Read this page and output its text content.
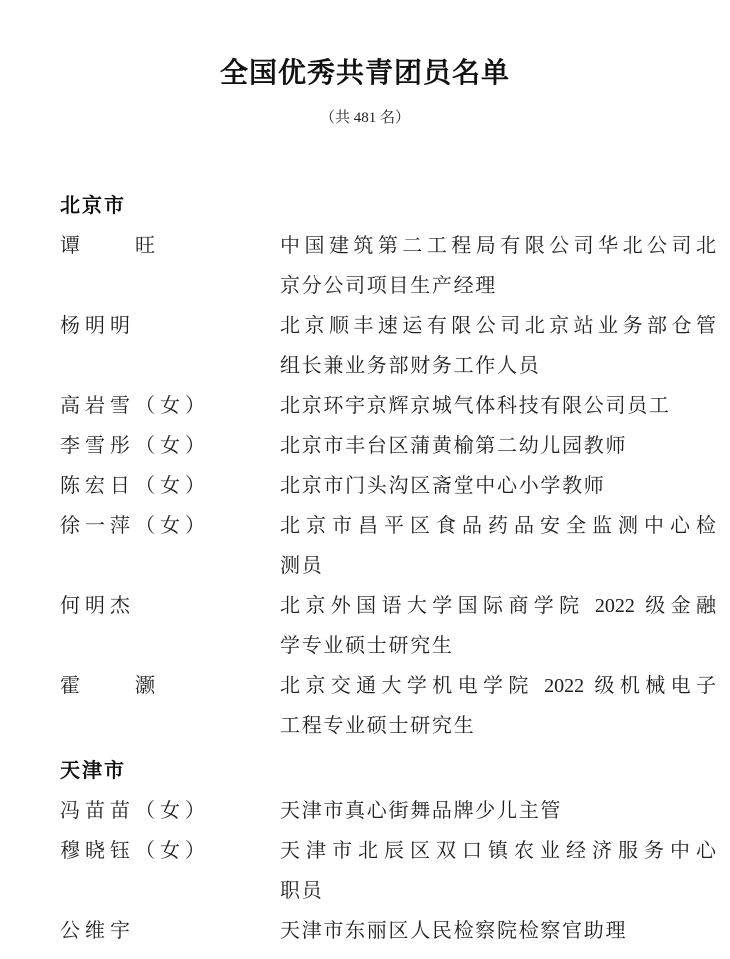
全国优秀共青团员名单
（共 481 名）
北京市
谭　　旺	中国建筑第二工程局有限公司华北公司北
京分公司项目生产经理
杨明明	北京顺丰速运有限公司北京站业务部仓管
组长兼业务部财务工作人员
高岩雪（女）	北京环宇京辉京城气体科技有限公司员工
李雪彤（女）	北京市丰台区蒲黄榆第二幼儿园教师
陈宏日（女）	北京市门头沟区斋堂中心小学教师
徐一萍（女）	北京市昌平区食品药品安全监测中心检
测员
何明杰	北京外国语大学国际商学院 2022 级金融
学专业硕士研究生
霍　　灏	北京交通大学机电学院 2022 级机械电子
工程专业硕士研究生
天津市
冯苗苗（女）	天津市真心街舞品牌少儿主管
穆晓钰（女）	天津市北辰区双口镇农业经济服务中心
职员
公维宇	天津市东丽区人民检察院检察官助理
